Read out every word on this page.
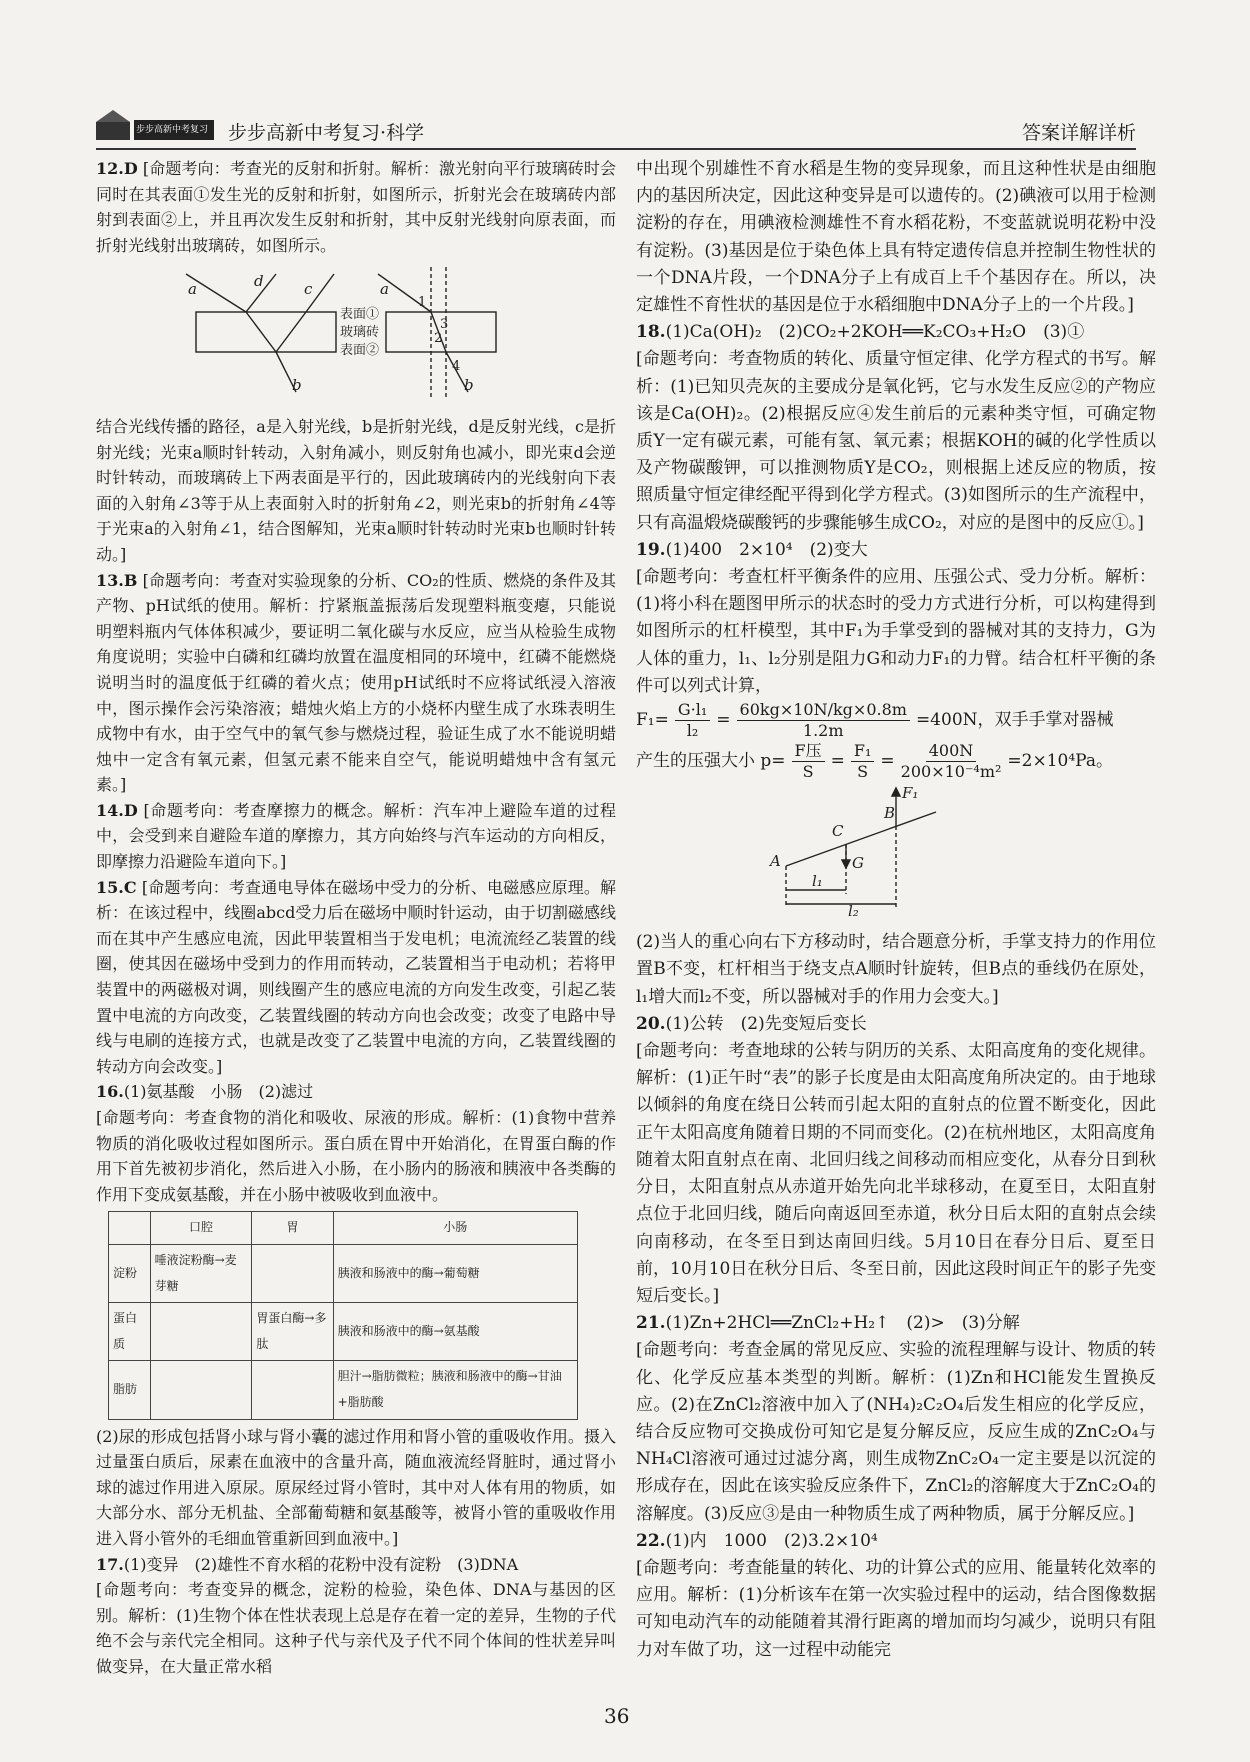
步步高新中考复习 步步高新中考复习·科学	答案详解详析

12.D [命题考向：考查光的反射和折射。解析：激光射向平行玻璃砖时会同时在其表面①发生光的反射和折射，如图所示，折射光会在玻璃砖内部射到表面②上，并且再次发生反射和折射，其中反射光线射向原表面，而折射光线射出玻璃砖，如图所示。

a	d	c
b
a
b
1
2
3
4
表面①
玻璃砖
表面②

结合光线传播的路径，a是入射光线，b是折射光线，d是反射光线，c是折射光线；光束a顺时针转动，入射角减小，则反射角也减小，即光束d会逆时针转动，而玻璃砖上下两表面是平行的，因此玻璃砖内的光线射向下表面的入射角∠3等于从上表面射入时的折射角∠2，则光束b的折射角∠4等于光束a的入射角∠1，结合图解知，光束a顺时针转动时光束b也顺时针转动。]

13.B [命题考向：考查对实验现象的分析、CO₂的性质、燃烧的条件及其产物、pH试纸的使用。解析：拧紧瓶盖振荡后发现塑料瓶变瘪，只能说明塑料瓶内气体体积减少，要证明二氧化碳与水反应，应当从检验生成物角度说明；实验中白磷和红磷均放置在温度相同的环境中，红磷不能燃烧说明当时的温度低于红磷的着火点；使用pH试纸时不应将试纸浸入溶液中，图示操作会污染溶液；蜡烛火焰上方的小烧杯内壁生成了水珠表明生成物中有水，由于空气中的氧气参与燃烧过程，验证生成了水不能说明蜡烛中一定含有氧元素，但氢元素不能来自空气，能说明蜡烛中含有氢元素。]

14.D [命题考向：考查摩擦力的概念。解析：汽车冲上避险车道的过程中，会受到来自避险车道的摩擦力，其方向始终与汽车运动的方向相反，即摩擦力沿避险车道向下。]

15.C [命题考向：考查通电导体在磁场中受力的分析、电磁感应原理。解析：在该过程中，线圈abcd受力后在磁场中顺时针运动，由于切割磁感线而在其中产生感应电流，因此甲装置相当于发电机；电流流经乙装置的线圈，使其因在磁场中受到力的作用而转动，乙装置相当于电动机；若将甲装置中的两磁极对调，则线圈产生的感应电流的方向发生改变，引起乙装置中电流的方向改变，乙装置线圈的转动方向也会改变；改变了电路中导线与电刷的连接方式，也就是改变了乙装置中电流的方向，乙装置线圈的转动方向会改变。]

16.(1)氨基酸　小肠　(2)滤过
[命题考向：考查食物的消化和吸收、尿液的形成。解析：(1)食物中营养物质的消化吸收过程如图所示。蛋白质在胃中开始消化，在胃蛋白酶的作用下首先被初步消化，然后进入小肠，在小肠内的肠液和胰液中各类酶的作用下变成氨基酸，并在小肠中被吸收到血液中。

	口腔	胃	小肠
淀粉	唾液淀粉酶→麦芽糖		胰液和肠液中的酶→葡萄糖
蛋白质		胃蛋白酶→多肽	胰液和肠液中的酶→氨基酸
脂肪			胆汁→脂肪微粒；胰液和肠液中的酶→甘油+脂肪酸

(2)尿的形成包括肾小球与肾小囊的滤过作用和肾小管的重吸收作用。摄入过量蛋白质后，尿素在血液中的含量升高，随血液流经肾脏时，通过肾小球的滤过作用进入原尿。原尿经过肾小管时，其中对人体有用的物质，如大部分水、部分无机盐、全部葡萄糖和氨基酸等，被肾小管的重吸收作用进入肾小管外的毛细血管重新回到血液中。]

17.(1)变异　(2)雄性不育水稻的花粉中没有淀粉　(3)DNA
[命题考向：考查变异的概念，淀粉的检验，染色体、DNA与基因的区别。解析：(1)生物个体在性状表现上总是存在着一定的差异，生物的子代绝不会与亲代完全相同。这种子代与亲代及子代不同个体间的性状差异叫做变异，在大量正常水稻

中出现个别雄性不育水稻是生物的变异现象，而且这种性状是由细胞内的基因所决定，因此这种变异是可以遗传的。(2)碘液可以用于检测淀粉的存在，用碘液检测雄性不育水稻花粉，不变蓝就说明花粉中没有淀粉。(3)基因是位于染色体上具有特定遗传信息并控制生物性状的一个DNA片段，一个DNA分子上有成百上千个基因存在。所以，决定雄性不育性状的基因是位于水稻细胞中DNA分子上的一个片段。]

18.(1)Ca(OH)₂　(2)CO₂+2KOH══K₂CO₃+H₂O　(3)①
[命题考向：考查物质的转化、质量守恒定律、化学方程式的书写。解析：(1)已知贝壳灰的主要成分是氧化钙，它与水发生反应②的产物应该是Ca(OH)₂。(2)根据反应④发生前后的元素种类守恒，可确定物质Y一定有碳元素，可能有氢、氧元素；根据KOH的碱的化学性质以及产物碳酸钾，可以推测物质Y是CO₂，则根据上述反应的物质，按照质量守恒定律经配平得到化学方程式。(3)如图所示的生产流程中，只有高温煅烧碳酸钙的步骤能够生成CO₂，对应的是图中的反应①。]

19.(1)400　2×10⁴　(2)变大
[命题考向：考查杠杆平衡条件的应用、压强公式、受力分析。解析：(1)将小科在题图甲所示的状态时的受力方式进行分析，可以构建得到如图所示的杠杆模型，其中F₁为手掌受到的器械对其的支持力，G为人体的重力，l₁、l₂分别是阻力G和动力F₁的力臂。结合杠杆平衡的条件可以列式计算，

$F_1= \frac{\text{G·l₁}}{\text{l₂}} = \frac{60kg\times 10N/kg\times 0.8m}{1.2m} =400N$，双手手掌对器械
产生的压强大小 $p= \frac{\text{F压}}{S} = \frac{\text{F₁}}{S} = \frac{400N}{\text{200×10⁻⁴m²}} =2\times 10^4Pa$。
A
B
C
G
F₁
l₁
l₂

(2)当人的重心向右下方移动时，结合题意分析，手掌支持力的作用位置B不变，杠杆相当于绕支点A顺时针旋转，但B点的垂线仍在原处，l₁增大而l₂不变，所以器械对手的作用力会变大。]

20.(1)公转　(2)先变短后变长
[命题考向：考查地球的公转与阴历的关系、太阳高度角的变化规律。解析：(1)正午时“表”的影子长度是由太阳高度角所决定的。由于地球以倾斜的角度在绕日公转而引起太阳的直射点的位置不断变化，因此正午太阳高度角随着日期的不同而变化。(2)在杭州地区，太阳高度角随着太阳直射点在南、北回归线之间移动而相应变化，从春分日到秋分日，太阳直射点从赤道开始先向北半球移动，在夏至日，太阳直射点位于北回归线，随后向南返回至赤道，秋分日后太阳的直射点会续向南移动，在冬至日到达南回归线。5月10日在春分日后、夏至日前，10月10日在秋分日后、冬至日前，因此这段时间正午的影子先变短后变长。]

21.(1)Zn+2HCl══ZnCl₂+H₂↑　(2)>　(3)分解
[命题考向：考查金属的常见反应、实验的流程理解与设计、物质的转化、化学反应基本类型的判断。解析：(1)Zn和HCl能发生置换反应。(2)在ZnCl₂溶液中加入了(NH₄)₂C₂O₄后发生相应的化学反应，结合反应物可交换成份可知它是复分解反应，反应生成的ZnC₂O₄与NH₄Cl溶液可通过过滤分离，则生成物ZnC₂O₄一定主要是以沉淀的形成存在，因此在该实验反应条件下，ZnCl₂的溶解度大于ZnC₂O₄的溶解度。(3)反应③是由一种物质生成了两种物质，属于分解反应。]

22.(1)内　1000　(2)3.2×10⁴
[命题考向：考查能量的转化、功的计算公式的应用、能量转化效率的应用。解析：(1)分析该车在第一次实验过程中的运动，结合图像数据可知电动汽车的动能随着其滑行距离的增加而均匀减少，说明只有阻力对车做了功，这一过程中动能完

36
